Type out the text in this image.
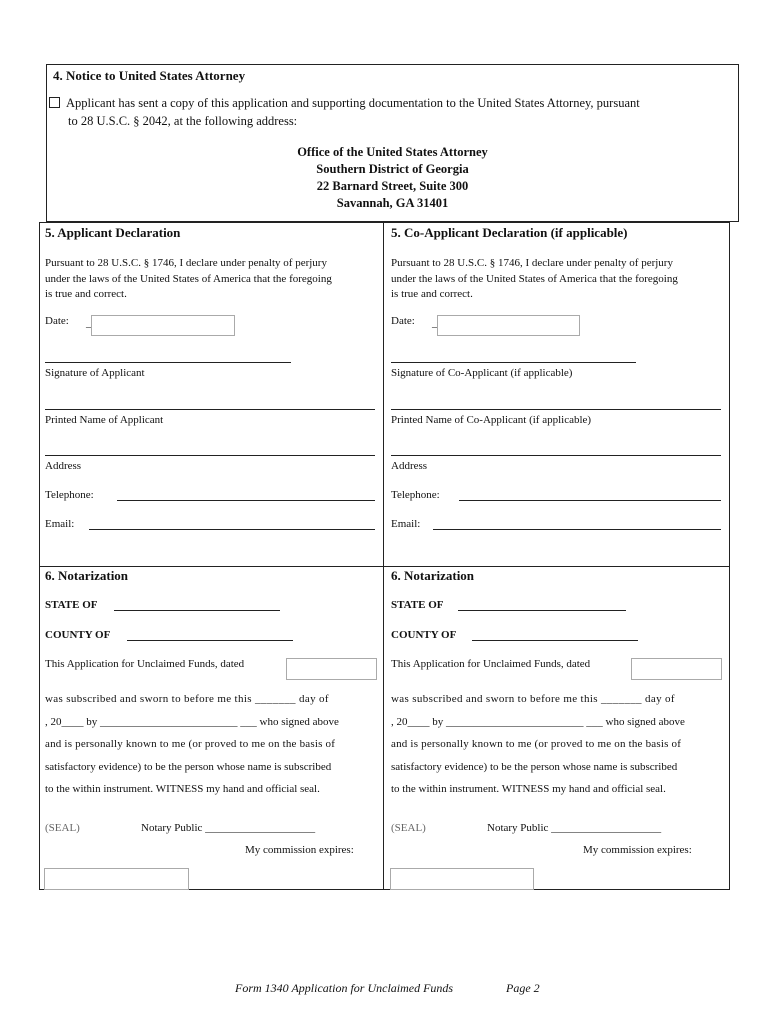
4. Notice to United States Attorney
Applicant has sent a copy of this application and supporting documentation to the United States Attorney, pursuant
to 28 U.S.C. § 2042, at the following address:
Office of the United States Attorney
Southern District of Georgia
22 Barnard Street, Suite 300
Savannah, GA 31401
5. Applicant Declaration
Pursuant to 28 U.S.C. § 1746, I declare under penalty of perjury
under the laws of the United States of America that the foregoing
is true and correct.
Date: _
Signature of Applicant
Printed Name of Applicant
Address
Telephone:
Email:
5. Co-Applicant Declaration (if applicable)
Pursuant to 28 U.S.C. § 1746, I declare under penalty of perjury
under the laws of the United States of America that the foregoing
is true and correct.
Date: _
Signature of Co-Applicant (if applicable)
Printed Name of Co-Applicant (if applicable)
Address
Telephone:
Email:
6. Notarization
STATE OF
COUNTY OF
This Application for Unclaimed Funds, dated
was subscribed and sworn to before me this _______ day of
, 20____ by _________________________ ___ who signed above
and is personally known to me (or proved to me on the basis of
satisfactory evidence) to be the person whose name is subscribed
to the within instrument. WITNESS my hand and official seal.
(SEAL)	Notary Public ____________________
My commission expires:
6. Notarization
STATE OF
COUNTY OF
This Application for Unclaimed Funds, dated
was subscribed and sworn to before me this _______ day of
, 20____ by _________________________ ___ who signed above
and is personally known to me (or proved to me on the basis of
satisfactory evidence) to be the person whose name is subscribed
to the within instrument. WITNESS my hand and official seal.
(SEAL)	Notary Public ____________________
My commission expires:
Form 1340 Application for Unclaimed Funds	Page 2
